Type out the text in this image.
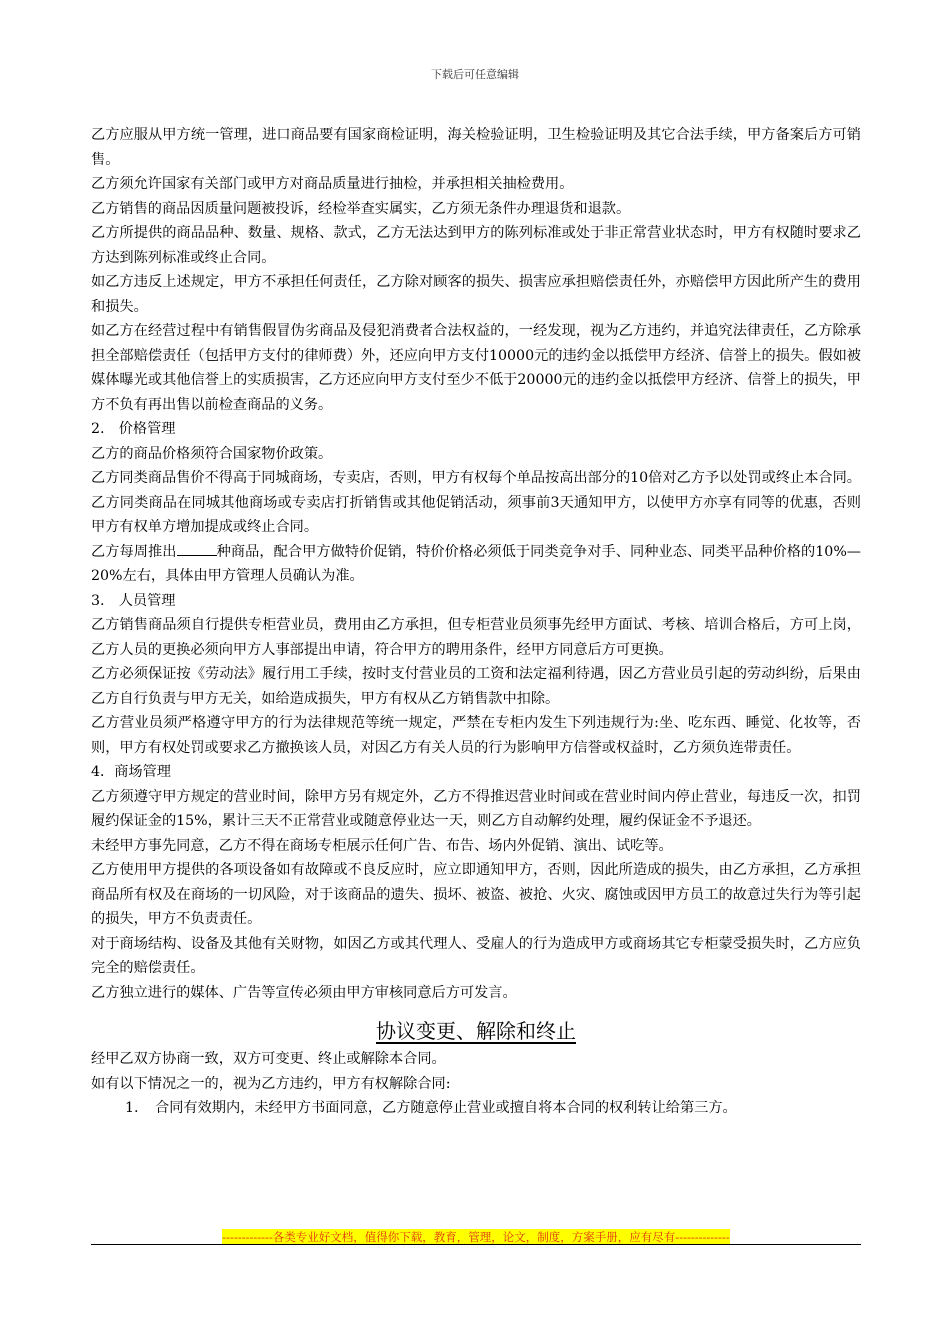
下载后可任意编辑

乙方应服从甲方统一管理，进口商品要有国家商检证明，海关检验证明，卫生检验证明及其它合法手续，甲方备案后方可销售。

乙方须允许国家有关部门或甲方对商品质量进行抽检，并承担相关抽检费用。

乙方销售的商品因质量问题被投诉，经检举查实属实，乙方须无条件办理退货和退款。

乙方所提供的商品品种、数量、规格、款式，乙方无法达到甲方的陈列标准或处于非正常营业状态时，甲方有权随时要求乙方达到陈列标准或终止合同。

如乙方违反上述规定，甲方不承担任何责任，乙方除对顾客的损失、损害应承担赔偿责任外，亦赔偿甲方因此所产生的费用和损失。

如乙方在经营过程中有销售假冒伪劣商品及侵犯消费者合法权益的，一经发现，视为乙方违约，并追究法律责任，乙方除承担全部赔偿责任（包括甲方支付的律师费）外，还应向甲方支付10000元的违约金以抵偿甲方经济、信誉上的损失。假如被媒体曝光或其他信誉上的实质损害，乙方还应向甲方支付至少不低于20000元的违约金以抵偿甲方经济、信誉上的损失，甲方不负有再出售以前检查商品的义务。

2.　价格管理

乙方的商品价格须符合国家物价政策。

乙方同类商品售价不得高于同城商场，专卖店，否则，甲方有权每个单品按高出部分的10倍对乙方予以处罚或终止本合同。

乙方同类商品在同城其他商场或专卖店打折销售或其他促销活动，须事前3天通知甲方，以使甲方亦享有同等的优惠，否则甲方有权单方增加提成或终止合同。

乙方每周推出	种商品，配合甲方做特价促销，特价价格必须低于同类竞争对手、同种业态、同类平品种价格的10%—20%左右，具体由甲方管理人员确认为准。

3.　人员管理

乙方销售商品须自行提供专柜营业员，费用由乙方承担，但专柜营业员须事先经甲方面试、考核、培训合格后，方可上岗，乙方人员的更换必须向甲方人事部提出申请，符合甲方的聘用条件，经甲方同意后方可更换。

乙方必须保证按《劳动法》履行用工手续，按时支付营业员的工资和法定福利待遇，因乙方营业员引起的劳动纠纷，后果由乙方自行负责与甲方无关，如给造成损失，甲方有权从乙方销售款中扣除。

乙方营业员须严格遵守甲方的行为法律规范等统一规定，严禁在专柜内发生下列违规行为:坐、吃东西、睡觉、化妆等，否则，甲方有权处罚或要求乙方撤换该人员，对因乙方有关人员的行为影响甲方信誉或权益时，乙方须负连带责任。

4．商场管理

乙方须遵守甲方规定的营业时间，除甲方另有规定外，乙方不得推迟营业时间或在营业时间内停止营业，每违反一次，扣罚履约保证金的15%，累计三天不正常营业或随意停业达一天，则乙方自动解约处理，履约保证金不予退还。

未经甲方事先同意，乙方不得在商场专柜展示任何广告、布告、场内外促销、演出、试吃等。

乙方使用甲方提供的各项设备如有故障或不良反应时，应立即通知甲方，否则，因此所造成的损失，由乙方承担，乙方承担商品所有权及在商场的一切风险，对于该商品的遗失、损坏、被盗、被抢、火灾、腐蚀或因甲方员工的故意过失行为等引起的损失，甲方不负责责任。

对于商场结构、设备及其他有关财物，如因乙方或其代理人、受雇人的行为造成甲方或商场其它专柜蒙受损失时，乙方应负完全的赔偿责任。

乙方独立进行的媒体、广告等宣传必须由甲方审核同意后方可发言。

协议变更、解除和终止

经甲乙双方协商一致，双方可变更、终止或解除本合同。

如有以下情况之一的，视为乙方违约，甲方有权解除合同:

1. 合同有效期内，未经甲方书面同意，乙方随意停止营业或擅自将本合同的权利转让给第三方。

-------------各类专业好文档，值得你下载，教育，管理，论文，制度，方案手册，应有尽有--------------
